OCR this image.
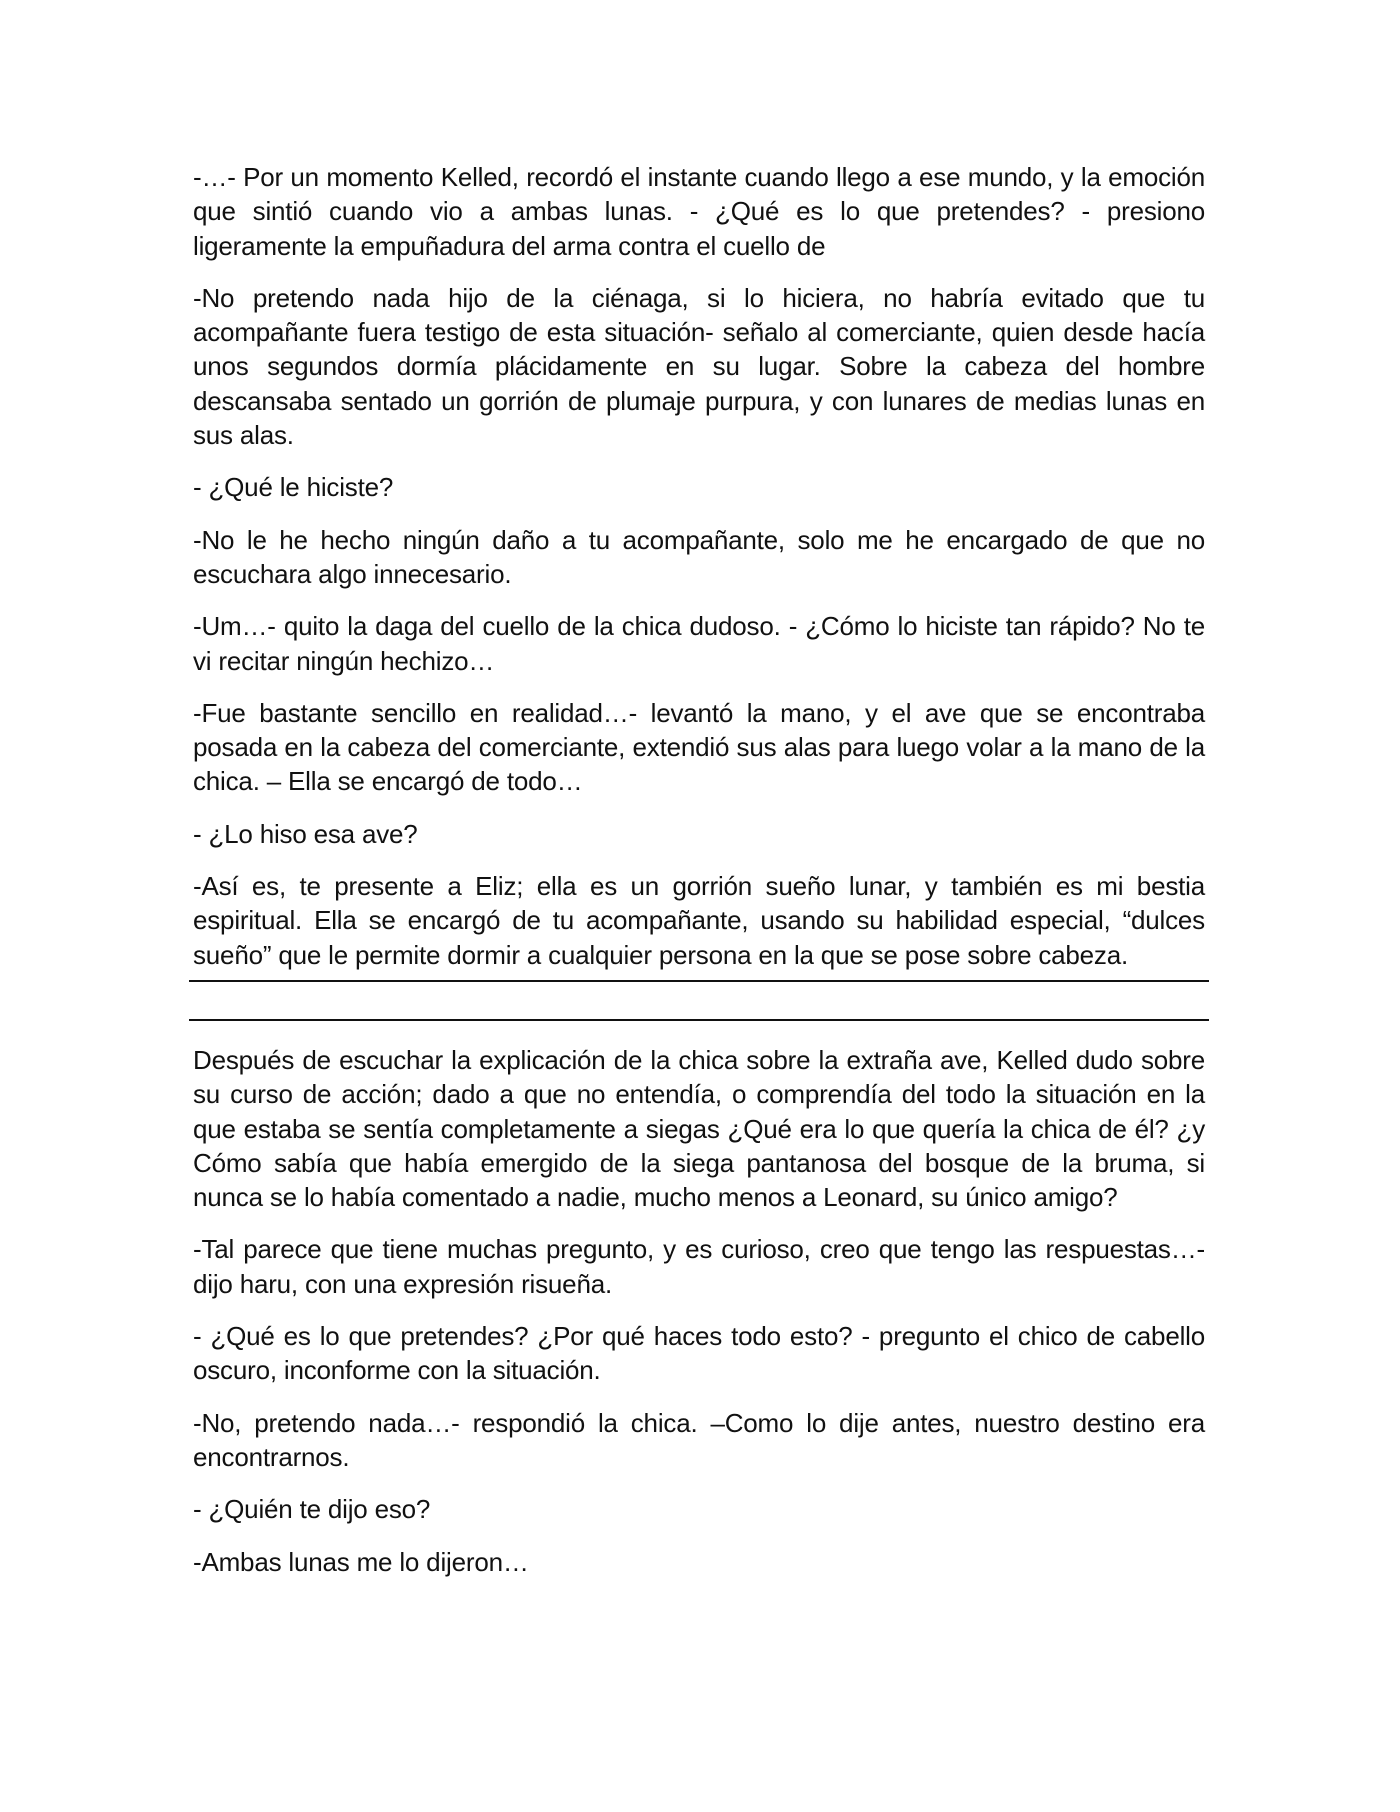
-…- Por un momento Kelled, recordó el instante cuando llego a ese mundo, y la emoción que sintió cuando vio a ambas lunas. - ¿Qué es lo que pretendes? - presiono ligeramente la empuñadura del arma contra el cuello de

-No pretendo nada hijo de la ciénaga, si lo hiciera, no habría evitado que tu acompañante fuera testigo de esta situación- señalo al comerciante, quien desde hacía unos segundos dormía plácidamente en su lugar. Sobre la cabeza del hombre descansaba sentado un gorrión de plumaje purpura, y con lunares de medias lunas en sus alas.

- ¿Qué le hiciste?

-No le he hecho ningún daño a tu acompañante, solo me he encargado de que no escuchara algo innecesario.

-Um…- quito la daga del cuello de la chica dudoso. - ¿Cómo lo hiciste tan rápido? No te vi recitar ningún hechizo…

-Fue bastante sencillo en realidad…- levantó la mano, y el ave que se encontraba posada en la cabeza del comerciante, extendió sus alas para luego volar a la mano de la chica. – Ella se encargó de todo…

- ¿Lo hiso esa ave?

-Así es, te presente a Eliz; ella es un gorrión sueño lunar, y también es mi bestia espiritual. Ella se encargó de tu acompañante, usando su habilidad especial, “dulces sueño” que le permite dormir a cualquier persona en la que se pose sobre cabeza.

Después de escuchar la explicación de la chica sobre la extraña ave, Kelled dudo sobre su curso de acción; dado a que no entendía, o comprendía del todo la situación en la que estaba se sentía completamente a siegas ¿Qué era lo que quería la chica de él? ¿y Cómo sabía que había emergido de la siega pantanosa del bosque de la bruma, si nunca se lo había comentado a nadie, mucho menos a Leonard, su único amigo?

-Tal parece que tiene muchas pregunto, y es curioso, creo que tengo las respuestas…- dijo haru, con una expresión risueña.

- ¿Qué es lo que pretendes? ¿Por qué haces todo esto? - pregunto el chico de cabello oscuro, inconforme con la situación.

-No, pretendo nada…- respondió la chica. –Como lo dije antes, nuestro destino era encontrarnos.

- ¿Quién te dijo eso?

-Ambas lunas me lo dijeron…
